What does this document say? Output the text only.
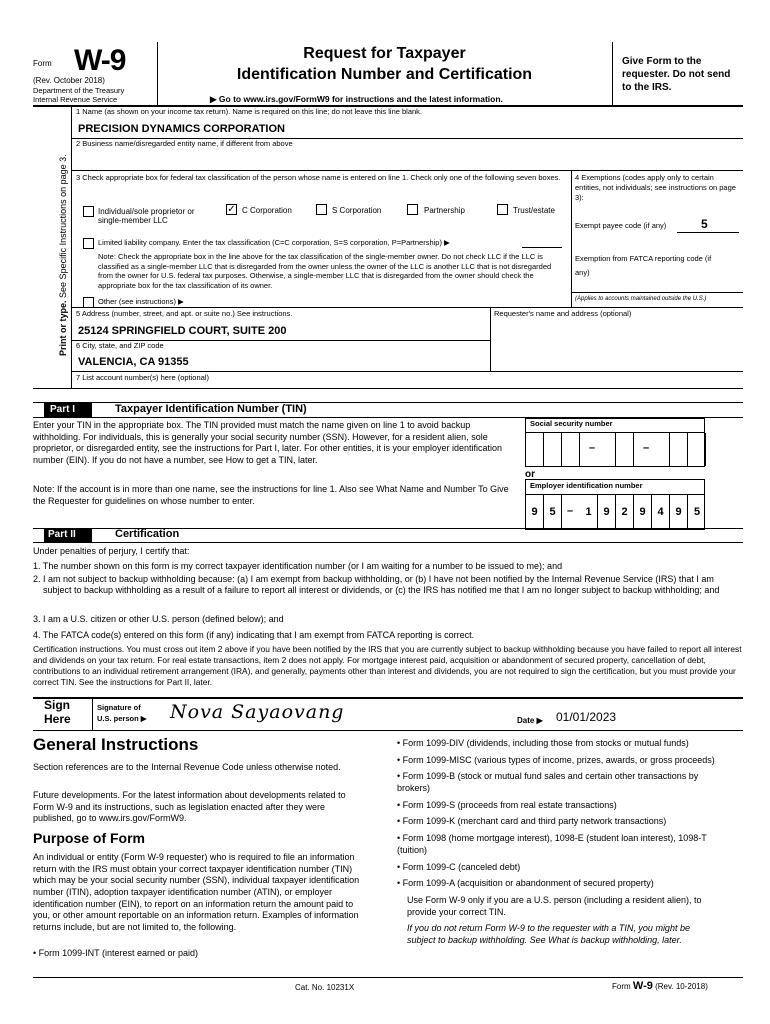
Form W-9
(Rev. October 2018)
Department of the Treasury
Internal Revenue Service
Request for Taxpayer
Identification Number and Certification
▶ Go to www.irs.gov/FormW9 for instructions and the latest information.
Give Form to the requester. Do not send to the IRS.
Print or type. See Specific Instructions on page 3.
1 Name (as shown on your income tax return). Name is required on this line; do not leave this line blank.
PRECISION DYNAMICS CORPORATION
2 Business name/disregarded entity name, if different from above
3 Check appropriate box for federal tax classification of the person whose name is entered on line 1. Check only one of the following seven boxes.
Individual/sole proprietor or single-member LLC
✓ C Corporation	S Corporation	Partnership	Trust/estate
Limited liability company. Enter the tax classification (C=C corporation, S=S corporation, P=Partnership) ▶
Note: Check the appropriate box in the line above for the tax classification of the single-member owner. Do not check LLC if the LLC is classified as a single-member LLC that is disregarded from the owner unless the owner of the LLC is another LLC that is not disregarded from the owner for U.S. federal tax purposes. Otherwise, a single-member LLC that is disregarded from the owner should check the appropriate box for the tax classification of its owner.
Other (see instructions) ▶
4 Exemptions (codes apply only to certain entities, not individuals; see instructions on page 3):
Exempt payee code (if any)	5
Exemption from FATCA reporting code (if any)
(Applies to accounts maintained outside the U.S.)
5 Address (number, street, and apt. or suite no.) See instructions.	Requester's name and address (optional)
25124 SPRINGFIELD COURT, SUITE 200
6 City, state, and ZIP code
VALENCIA, CA 91355
7 List account number(s) here (optional)
Part I	Taxpayer Identification Number (TIN)
Enter your TIN in the appropriate box. The TIN provided must match the name given on line 1 to avoid backup withholding. For individuals, this is generally your social security number (SSN). However, for a resident alien, sole proprietor, or disregarded entity, see the instructions for Part I, later. For other entities, it is your employer identification number (EIN). If you do not have a number, see How to get a TIN, later.
Note: If the account is in more than one name, see the instructions for line 1. Also see What Name and Number To Give the Requester for guidelines on whose number to enter.
Social security number
–	–
or
Employer identification number
9	5	1	9	2	9	4	9	5
–
Part II	Certification
Under penalties of perjury, I certify that:
1. The number shown on this form is my correct taxpayer identification number (or I am waiting for a number to be issued to me); and
2. I am not subject to backup withholding because: (a) I am exempt from backup withholding, or (b) I have not been notified by the Internal Revenue Service (IRS) that I am subject to backup withholding as a result of a failure to report all interest or dividends, or (c) the IRS has notified me that I am no longer subject to backup withholding; and
3. I am a U.S. citizen or other U.S. person (defined below); and
4. The FATCA code(s) entered on this form (if any) indicating that I am exempt from FATCA reporting is correct.
Certification instructions. You must cross out item 2 above if you have been notified by the IRS that you are currently subject to backup withholding because you have failed to report all interest and dividends on your tax return. For real estate transactions, item 2 does not apply. For mortgage interest paid, acquisition or abandonment of secured property, cancellation of debt, contributions to an individual retirement arrangement (IRA), and generally, payments other than interest and dividends, you are not required to sign the certification, but you must provide your correct TIN. See the instructions for Part II, later.
Sign
Here
Signature of
U.S. person ▶ Nova Sayaovang	Date ▶ 01/01/2023
General Instructions
Section references are to the Internal Revenue Code unless otherwise noted.
Future developments. For the latest information about developments related to Form W-9 and its instructions, such as legislation enacted after they were published, go to www.irs.gov/FormW9.
Purpose of Form
An individual or entity (Form W-9 requester) who is required to file an information return with the IRS must obtain your correct taxpayer identification number (TIN) which may be your social security number (SSN), individual taxpayer identification number (ITIN), adoption taxpayer identification number (ATIN), or employer identification number (EIN), to report on an information return the amount paid to you, or other amount reportable on an information return. Examples of information returns include, but are not limited to, the following.
• Form 1099-INT (interest earned or paid)
• Form 1099-DIV (dividends, including those from stocks or mutual funds)
• Form 1099-MISC (various types of income, prizes, awards, or gross proceeds)
• Form 1099-B (stock or mutual fund sales and certain other transactions by brokers)
• Form 1099-S (proceeds from real estate transactions)
• Form 1099-K (merchant card and third party network transactions)
• Form 1098 (home mortgage interest), 1098-E (student loan interest), 1098-T (tuition)
• Form 1099-C (canceled debt)
• Form 1099-A (acquisition or abandonment of secured property)
Use Form W-9 only if you are a U.S. person (including a resident alien), to provide your correct TIN.
If you do not return Form W-9 to the requester with a TIN, you might be subject to backup withholding. See What is backup withholding, later.
Cat. No. 10231X	Form W-9 (Rev. 10-2018)
